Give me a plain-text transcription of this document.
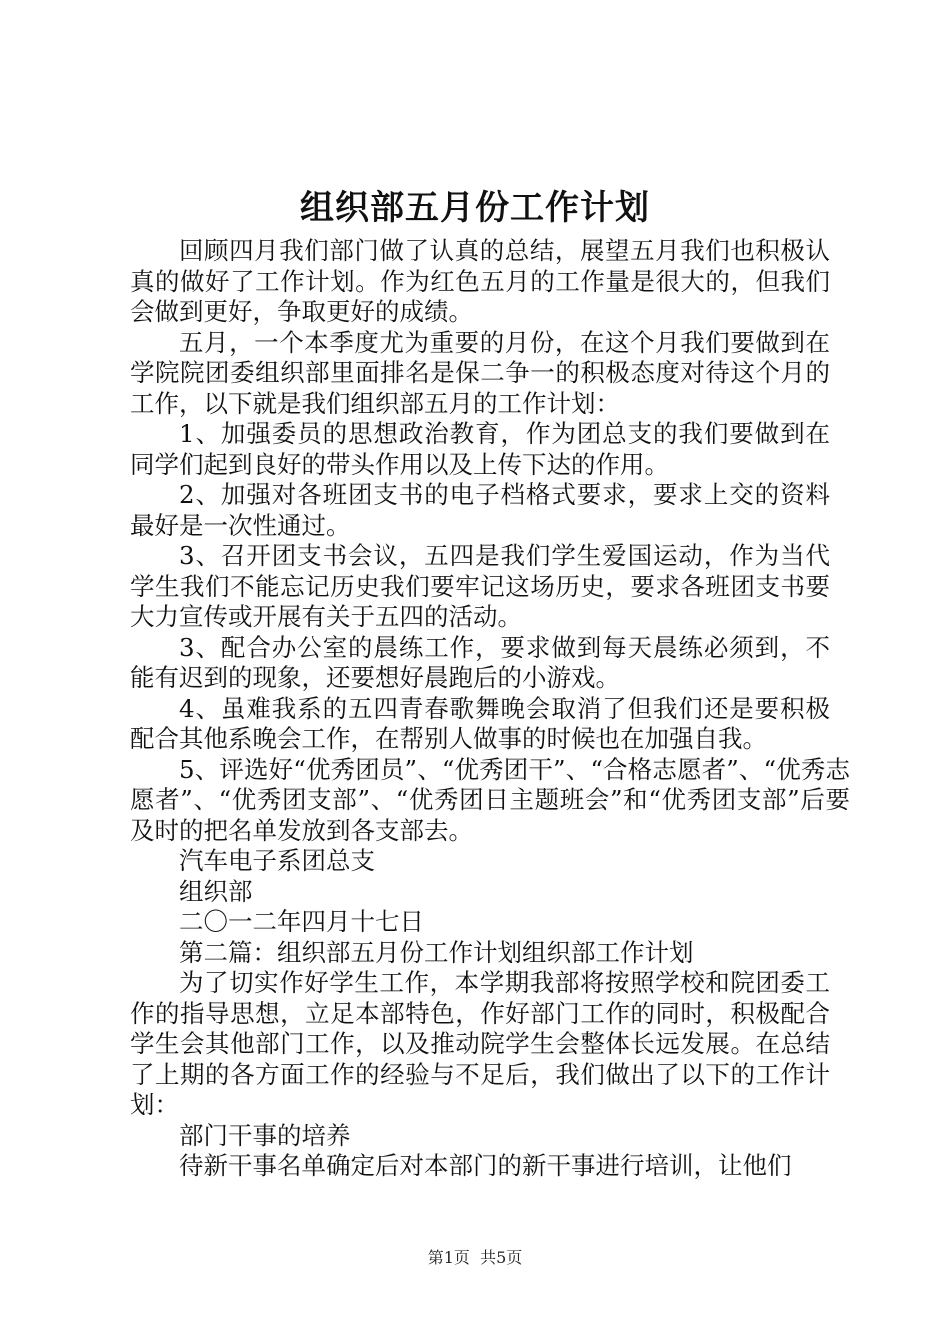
组织部五月份工作计划

回顾四月我们部门做了认真的总结，展望五月我们也积极认真的做好了工作计划。作为红色五月的工作量是很大的，但我们会做到更好，争取更好的成绩。

五月，一个本季度尤为重要的月份，在这个月我们要做到在学院院团委组织部里面排名是保二争一的积极态度对待这个月的工作，以下就是我们组织部五月的工作计划：

1、加强委员的思想政治教育，作为团总支的我们要做到在同学们起到良好的带头作用以及上传下达的作用。

2、加强对各班团支书的电子档格式要求，要求上交的资料最好是一次性通过。

3、召开团支书会议，五四是我们学生爱国运动，作为当代学生我们不能忘记历史我们要牢记这场历史，要求各班团支书要大力宣传或开展有关于五四的活动。

3、配合办公室的晨练工作，要求做到每天晨练必须到，不能有迟到的现象，还要想好晨跑后的小游戏。

4、虽难我系的五四青春歌舞晚会取消了但我们还是要积极配合其他系晚会工作，在帮别人做事的时候也在加强自我。

5、评选好“优秀团员”、“优秀团干”、“合格志愿者”、“优秀志愿者”、“优秀团支部”、“优秀团日主题班会”和“优秀团支部”后要及时的把名单发放到各支部去。

汽车电子系团总支

组织部

二〇一二年四月十七日

第二篇：组织部五月份工作计划组织部工作计划

为了切实作好学生工作，本学期我部将按照学校和院团委工作的指导思想，立足本部特色，作好部门工作的同时，积极配合学生会其他部门工作，以及推动院学生会整体长远发展。在总结了上期的各方面工作的经验与不足后，我们做出了以下的工作计划：

部门干事的培养

待新干事名单确定后对本部门的新干事进行培训，让他们

第1页 共5页
